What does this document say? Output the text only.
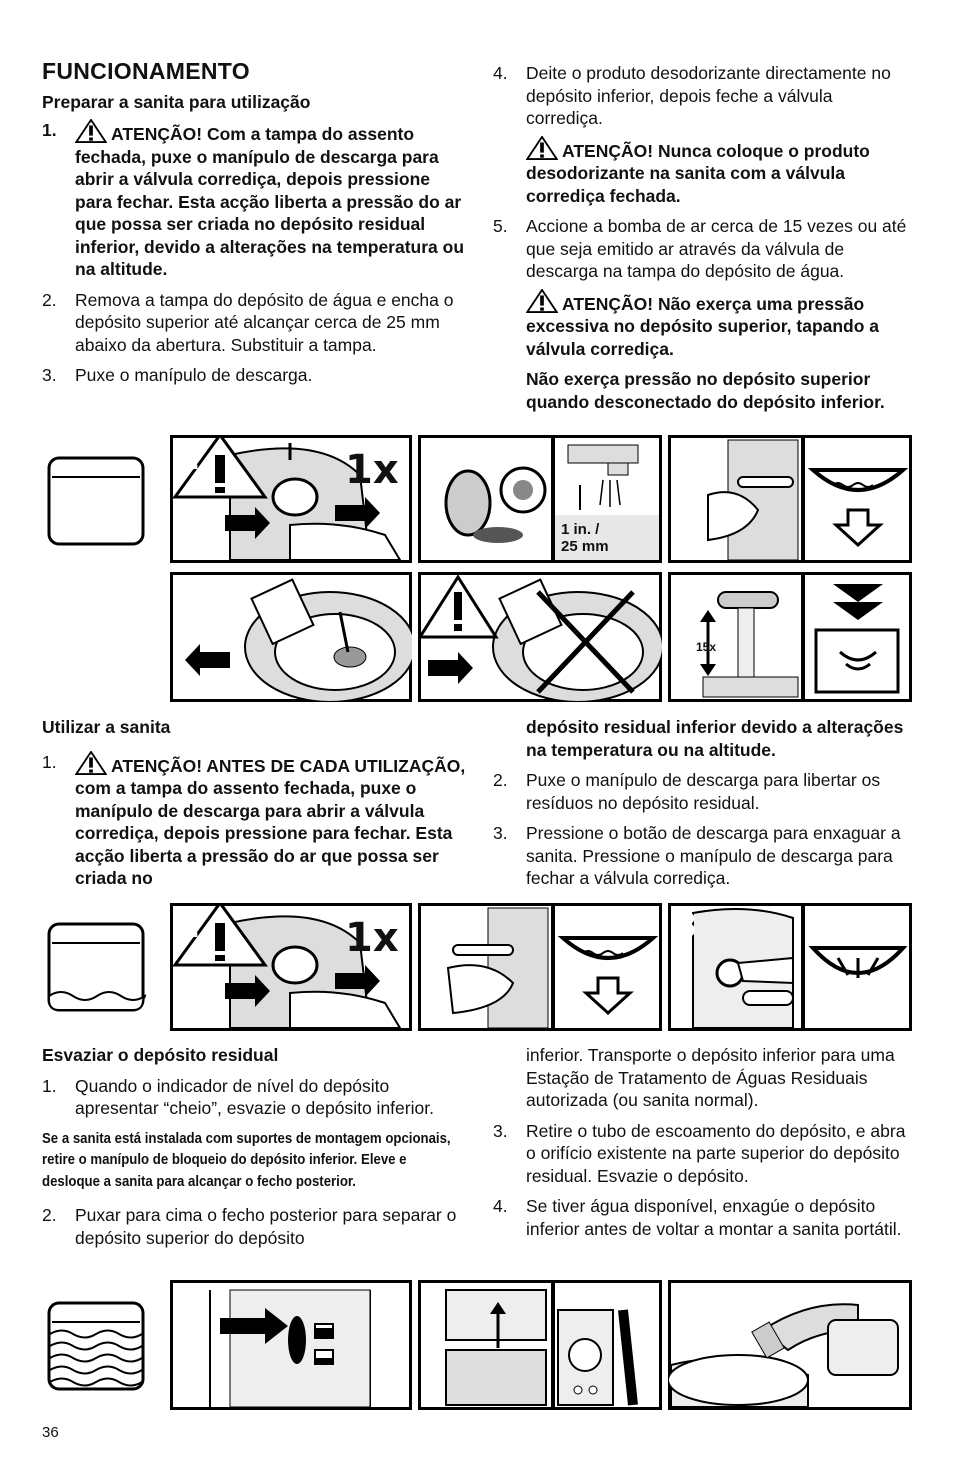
FUNCIONAMENTO
Preparar a sanita para utilização
1.	ATENÇÃO! Com a tampa do assento fechada, puxe o manípulo de descarga para abrir a válvula corrediça, depois pressione para fechar. Esta acção liberta a pressão do ar que possa ser criada no depósito residual inferior, devido a alterações na temperatura ou na altitude.
2. Remova a tampa do depósito de água e encha o depósito superior até alcançar cerca de 25 mm abaixo da abertura. Substituir a tampa.
3. Puxe o manípulo de descarga.
4. Deite o produto desodorizante directamente no depósito inferior, depois feche a válvula corrediça.
ATENÇÃO! Nunca coloque o produto desodorizante na sanita com a válvula corrediça fechada.
5. Accione a bomba de ar cerca de 15 vezes ou até que seja emitido ar através da válvula de descarga na tampa do depósito de água.
ATENÇÃO! Não exerça uma pressão excessiva no depósito superior, tapando a válvula corrediça.
Não exerça pressão no depósito superior quando desconectado do depósito inferior.
1	1x 2
1 in. /
25 mm
3
4	5
15x
Utilizar a sanita
1.	ATENÇÃO! ANTES DE CADA UTILIZAÇÃO, com a tampa do assento fechada, puxe o manípulo de descarga para abrir a válvula corrediça, depois pressione para fechar. Esta acção liberta a pressão do ar que possa ser criada no
depósito residual inferior devido a alterações na temperatura ou na altitude.
2. Puxe o manípulo de descarga para libertar os resíduos no depósito residual.
3. Pressione o botão de descarga para enxaguar a sanita. Pressione o manípulo de descarga para fechar a válvula corrediça.
1	1x 2	3
Esvaziar o depósito residual
1. Quando o indicador de nível do depósito apresentar “cheio”, esvazie o depósito inferior.
Se a sanita está instalada com suportes de montagem opcionais, retire o manípulo de bloqueio do depósito inferior. Eleve e desloque a sanita para alcançar o fecho posterior.
2. Puxar para cima o fecho posterior para separar o depósito superior do depósito
inferior. Transporte o depósito inferior para uma Estação de Tratamento de Águas Residuais autorizada (ou sanita normal).
3. Retire o tubo de escoamento do depósito, e abra o orifício existente na parte superior do depósito residual. Esvazie o depósito.
4. Se tiver água disponível, enxagúe o depósito inferior antes de voltar a montar a sanita portátil.
1	2	3
36
